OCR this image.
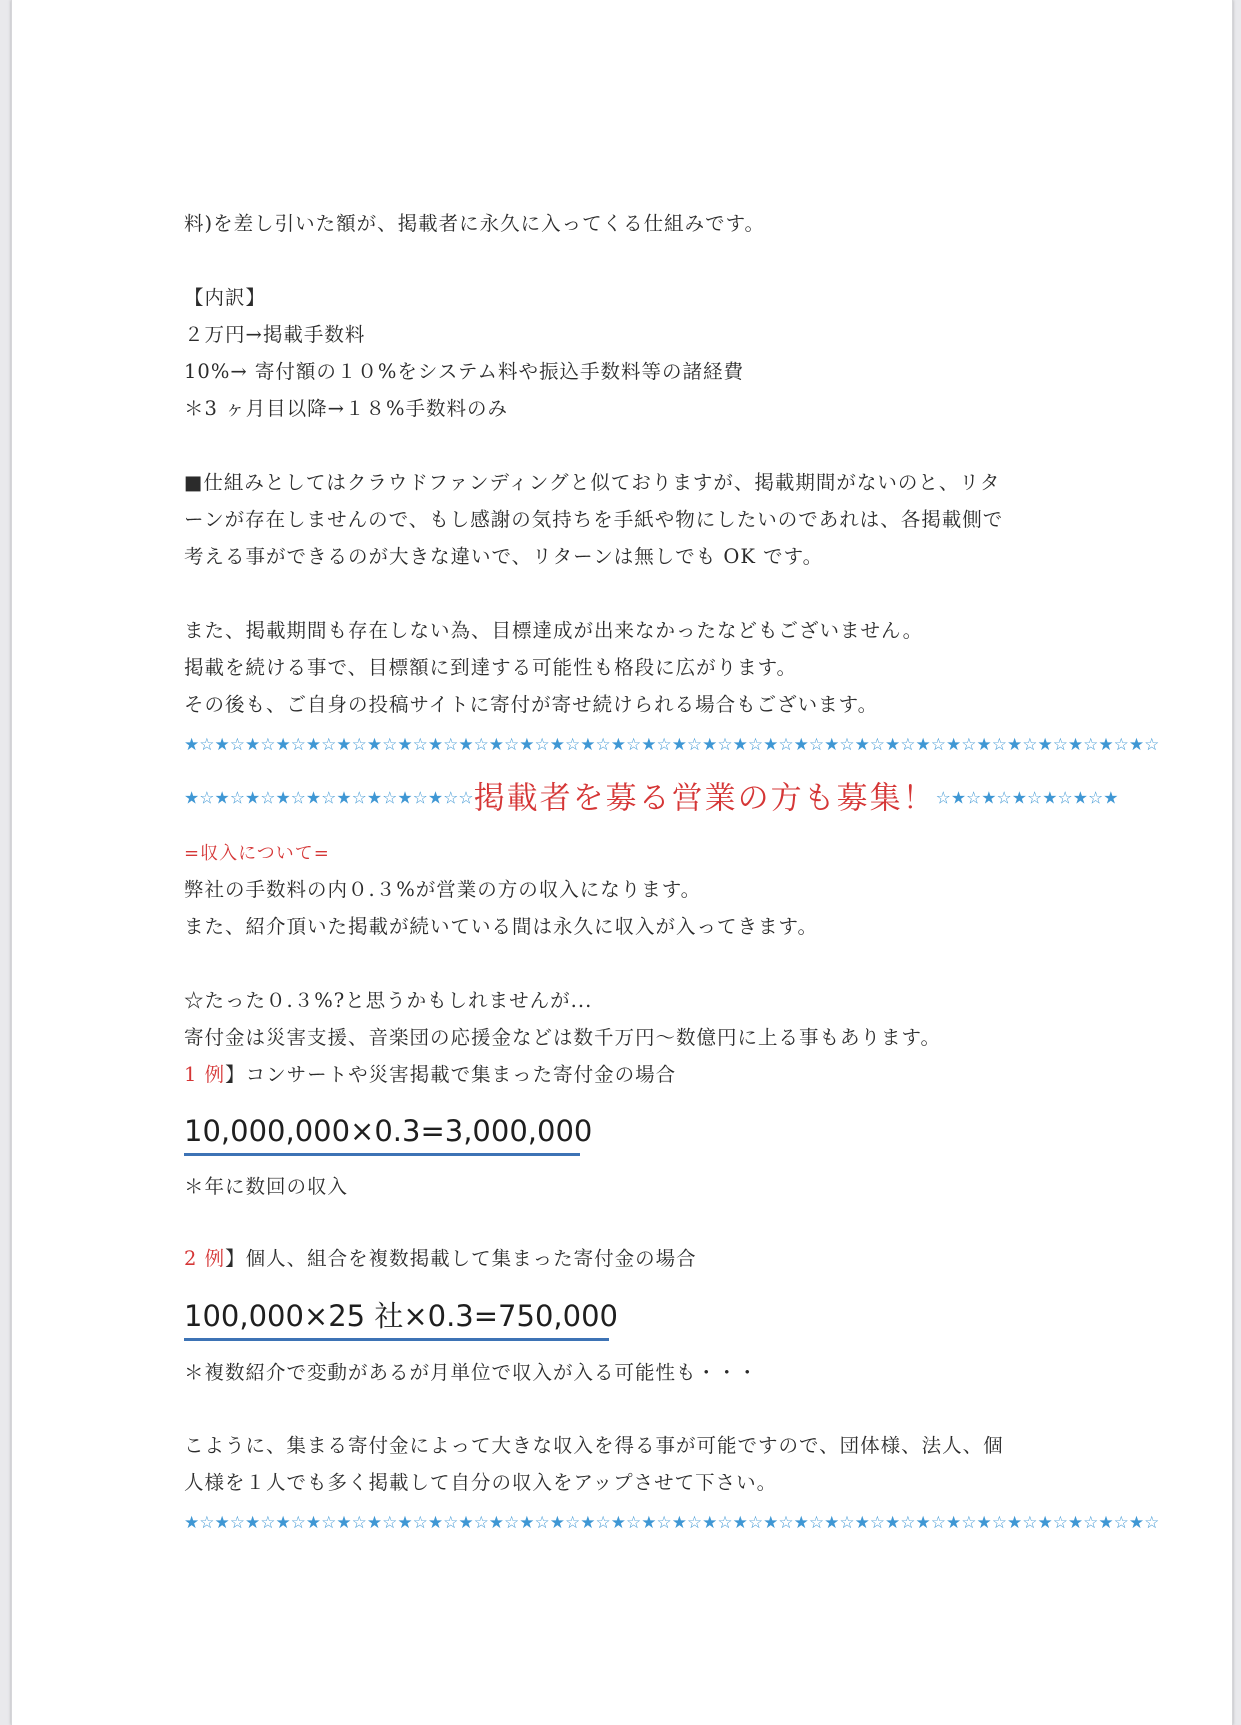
料)を差し引いた額が、掲載者に永久に入ってくる仕組みです。
【内訳】
２万円→掲載手数料
10%→ 寄付額の１０%をシステム料や振込手数料等の諸経費
＊3 ヶ月目以降→１８%手数料のみ
■仕組みとしてはクラウドファンディングと似ておりますが、掲載期間がないのと、リタ
ーンが存在しませんので、もし感謝の気持ちを手紙や物にしたいのであれは、各掲載側で
考える事ができるのが大きな違いで、リターンは無しでも OK です。
また、掲載期間も存在しない為、目標達成が出来なかったなどもございません。
掲載を続ける事で、目標額に到達する可能性も格段に広がります。
その後も、ご自身の投稿サイトに寄付が寄せ続けられる場合もございます。
★☆★☆★☆★☆★☆★☆★☆★☆★☆★☆★☆★☆★☆★☆★☆★☆★☆★☆★☆★☆★☆★☆★☆★☆★☆★☆★☆★☆★☆★☆★☆★☆
★☆★☆★☆★☆★☆★☆★☆★☆★☆☆掲載者を募る営業の方も募集！☆★☆★☆★☆★☆★☆★
=収入について=
弊社の手数料の内０.３%が営業の方の収入になります。
また、紹介頂いた掲載が続いている間は永久に収入が入ってきます。
☆たった０.３%?と思うかもしれませんが...
寄付金は災害支援、音楽団の応援金などは数千万円〜数億円に上る事もあります。
1 例】コンサートや災害掲載で集まった寄付金の場合
10,000,000×0.3=3,000,000
＊年に数回の収入
2 例】個人、組合を複数掲載して集まった寄付金の場合
100,000×25 社×0.3=750,000
＊複数紹介で変動があるが月単位で収入が入る可能性も・・・
こように、集まる寄付金によって大きな収入を得る事が可能ですので、団体様、法人、個
人様を１人でも多く掲載して自分の収入をアップさせて下さい。
★☆★☆★☆★☆★☆★☆★☆★☆★☆★☆★☆★☆★☆★☆★☆★☆★☆★☆★☆★☆★☆★☆★☆★☆★☆★☆★☆★☆★☆★☆★☆★☆
